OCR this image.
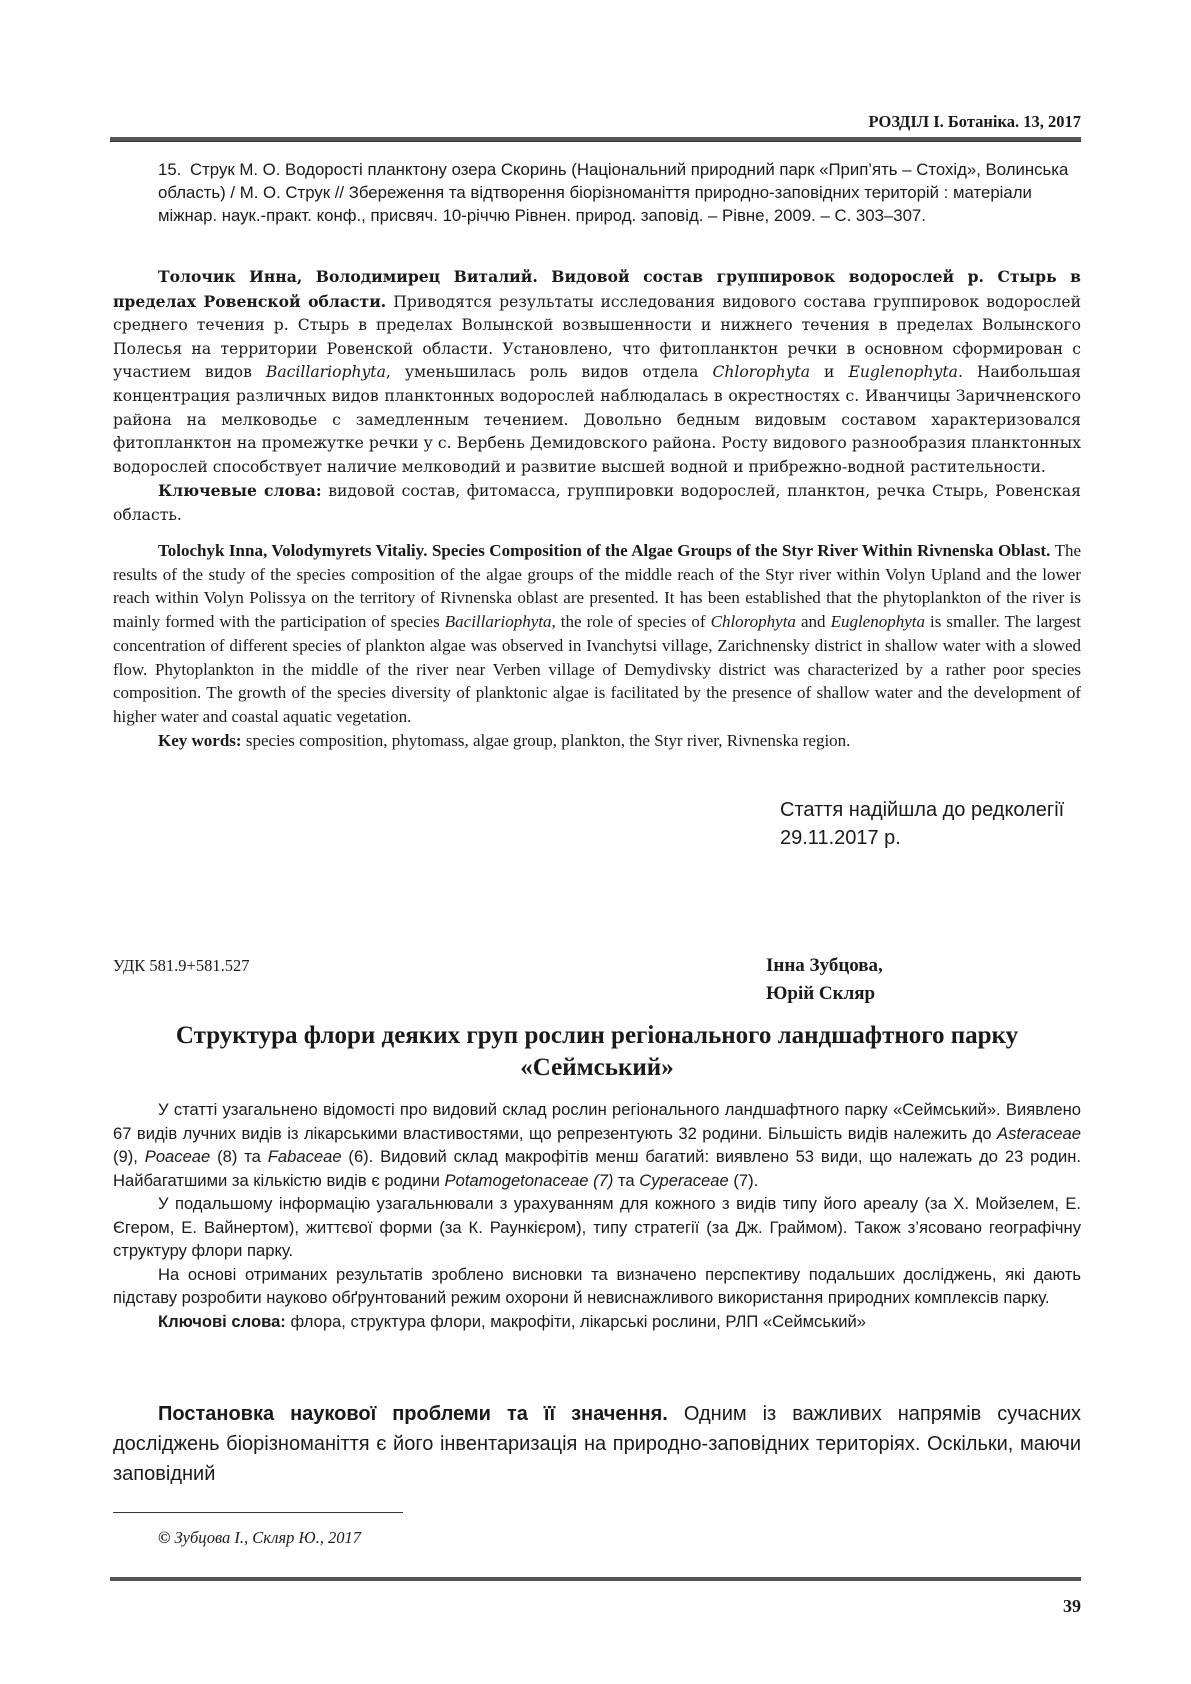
РОЗДІЛ І. Ботаніка. 13, 2017
15. Струк М. О. Водорості планктону озера Скоринь (Національний природний парк «Прип’ять – Стохід», Волинська область) / М. О. Струк // Збереження та відтворення біорізноманіття природно-заповідних територій : матеріали міжнар. наук.-практ. конф., присвяч. 10-річчю Рівнен. природ. заповід. – Рівне, 2009. – С. 303–307.

Толочик Инна, Володимирец Виталий. Видовой состав группировок водорослей р. Стырь в пределах Ровенской области. Приводятся результаты исследования видового состава группировок водорослей среднего течения р. Стырь в пределах Волынской возвышенности и нижнего течения в пределах Волынского Полесья на территории Ровенской области. Установлено, что фитопланктон речки в основном сформирован с участием видов Bacillariophyta, уменьшилась роль видов отдела Chlorophyta и Euglenophyta. Наибольшая концентрация различных видов планктонных водорослей наблюдалась в окрестностях с. Иванчицы Заричненского района на мелководье с замедленным течением. Довольно бедным видовым составом характеризовался фитопланктон на промежутке речки у с. Вербень Демидовского района. Росту видового разнообразия планктонных водорослей способствует наличие мелководий и развитие высшей водной и прибрежно-водной растительности.

Ключевые слова: видовой состав, фитомасса, группировки водорослей, планктон, речка Стырь, Ровенская область.

Tolochyk Inna, Volodymyrets Vitaliy. Species Composition of the Algae Groups of the Styr River Within Rivnenska Oblast. The results of the study of the species composition of the algae groups of the middle reach of the Styr river within Volyn Upland and the lower reach within Volyn Polissya on the territory of Rivnenska oblast are presented. It has been established that the phytoplankton of the river is mainly formed with the participation of species Bacillariophyta, the role of species of Chlorophyta and Euglenophyta is smaller. The largest concentration of different species of plankton algae was observed in Ivanchytsi village, Zarichnensky district in shallow water with a slowed flow. Phytoplankton in the middle of the river near Verben village of Demydivsky district was characterized by a rather poor species composition. The growth of the species diversity of planktonic algae is facilitated by the presence of shallow water and the development of higher water and coastal aquatic vegetation.

Key words: species composition, phytomass, algae group, plankton, the Styr river, Rivnenska region.

Стаття надійшла до редколегії
29.11.2017 р.
УДК 581.9+581.527	Інна Зубцова,
Юрій Скляр
Структура флори деяких груп рослин регіонального ландшафтного парку
«Сеймський»

У статті узагальнено відомості про видовий склад рослин регіонального ландшафтного парку «Сеймський». Виявлено 67 видів лучних видів із лікарськими властивостями, що репрезентують 32 родини. Більшість видів належить до Asteraceae (9), Poaceae (8) та Fabaceae (6). Видовий склад макрофітів менш багатий: виявлено 53 види, що належать до 23 родин. Найбагатшими за кількістю видів є родини Potamogetonaceae (7) та Cyperaceae (7).

У подальшому інформацію узагальнювали з урахуванням для кожного з видів типу його ареалу (за Х. Мойзелем, Е. Єгером, Е. Вайнертом), життєвої форми (за К. Раункієром), типу стратегії (за Дж. Граймом). Також з’ясовано географічну структуру флори парку.

На основі отриманих результатів зроблено висновки та визначено перспективу подальших досліджень, які дають підставу розробити науково обґрунтований режим охорони й невиснажливого використання природних комплексів парку.

Ключові слова: флора, структура флори, макрофіти, лікарські рослини, РЛП «Сеймський»

Постановка наукової проблеми та її значення. Одним із важливих напрямів сучасних досліджень біорізноманіття є його інвентаризація на природно-заповідних територіях. Оскільки, маючи заповідний

© Зубцова І., Скляр Ю., 2017
39
